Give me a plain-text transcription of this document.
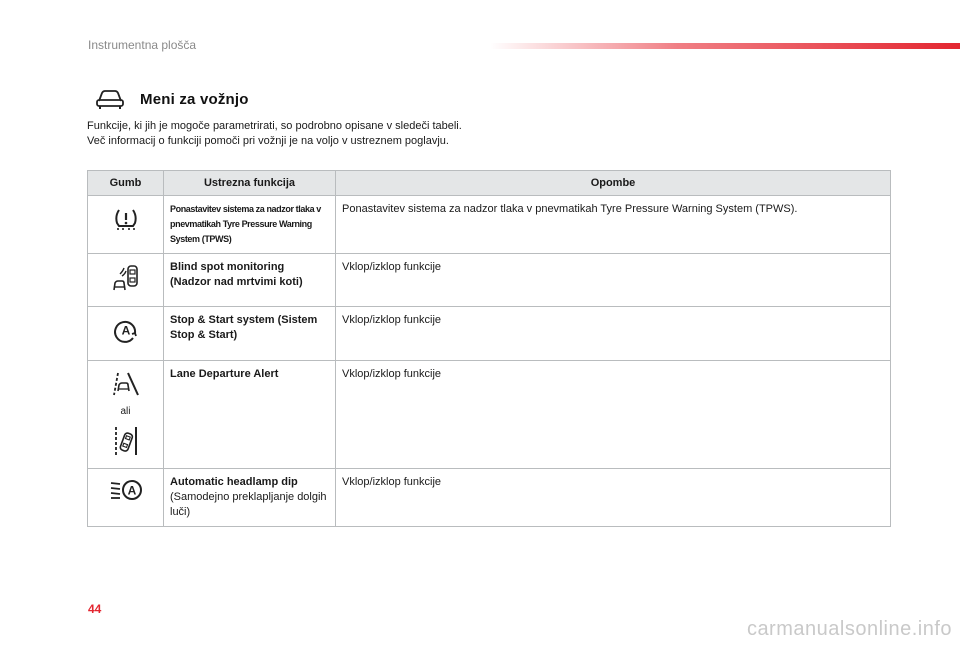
Instrumentna plošča
Meni za vožnjo
Funkcije, ki jih je mogoče parametrirati, so podrobno opisane v sledeči tabeli.
Več informacij o funkciji pomoči pri vožnji je na voljo v ustreznem poglavju.
Gumb	Ustrezna funkcija	Opombe
	Ponastavitev sistema za nadzor tlaka v pnevmatikah Tyre Pressure Warning System (TPWS)	Ponastavitev sistema za nadzor tlaka v pnevmatikah Tyre Pressure Warning System (TPWS).

Blind spot monitoring
(Nadzor nad mrtvimi koti)	Vklop/izklop funkcije

A	Stop & Start system (Sistem Stop & Start)	Vklop/izklop funkcije

ali	Lane Departure Alert	Vklop/izklop funkcije

A	Automatic headlamp dip
(Samodejno preklapljanje dolgih luči)	Vklop/izklop funkcije
44
carmanualsonline.info
